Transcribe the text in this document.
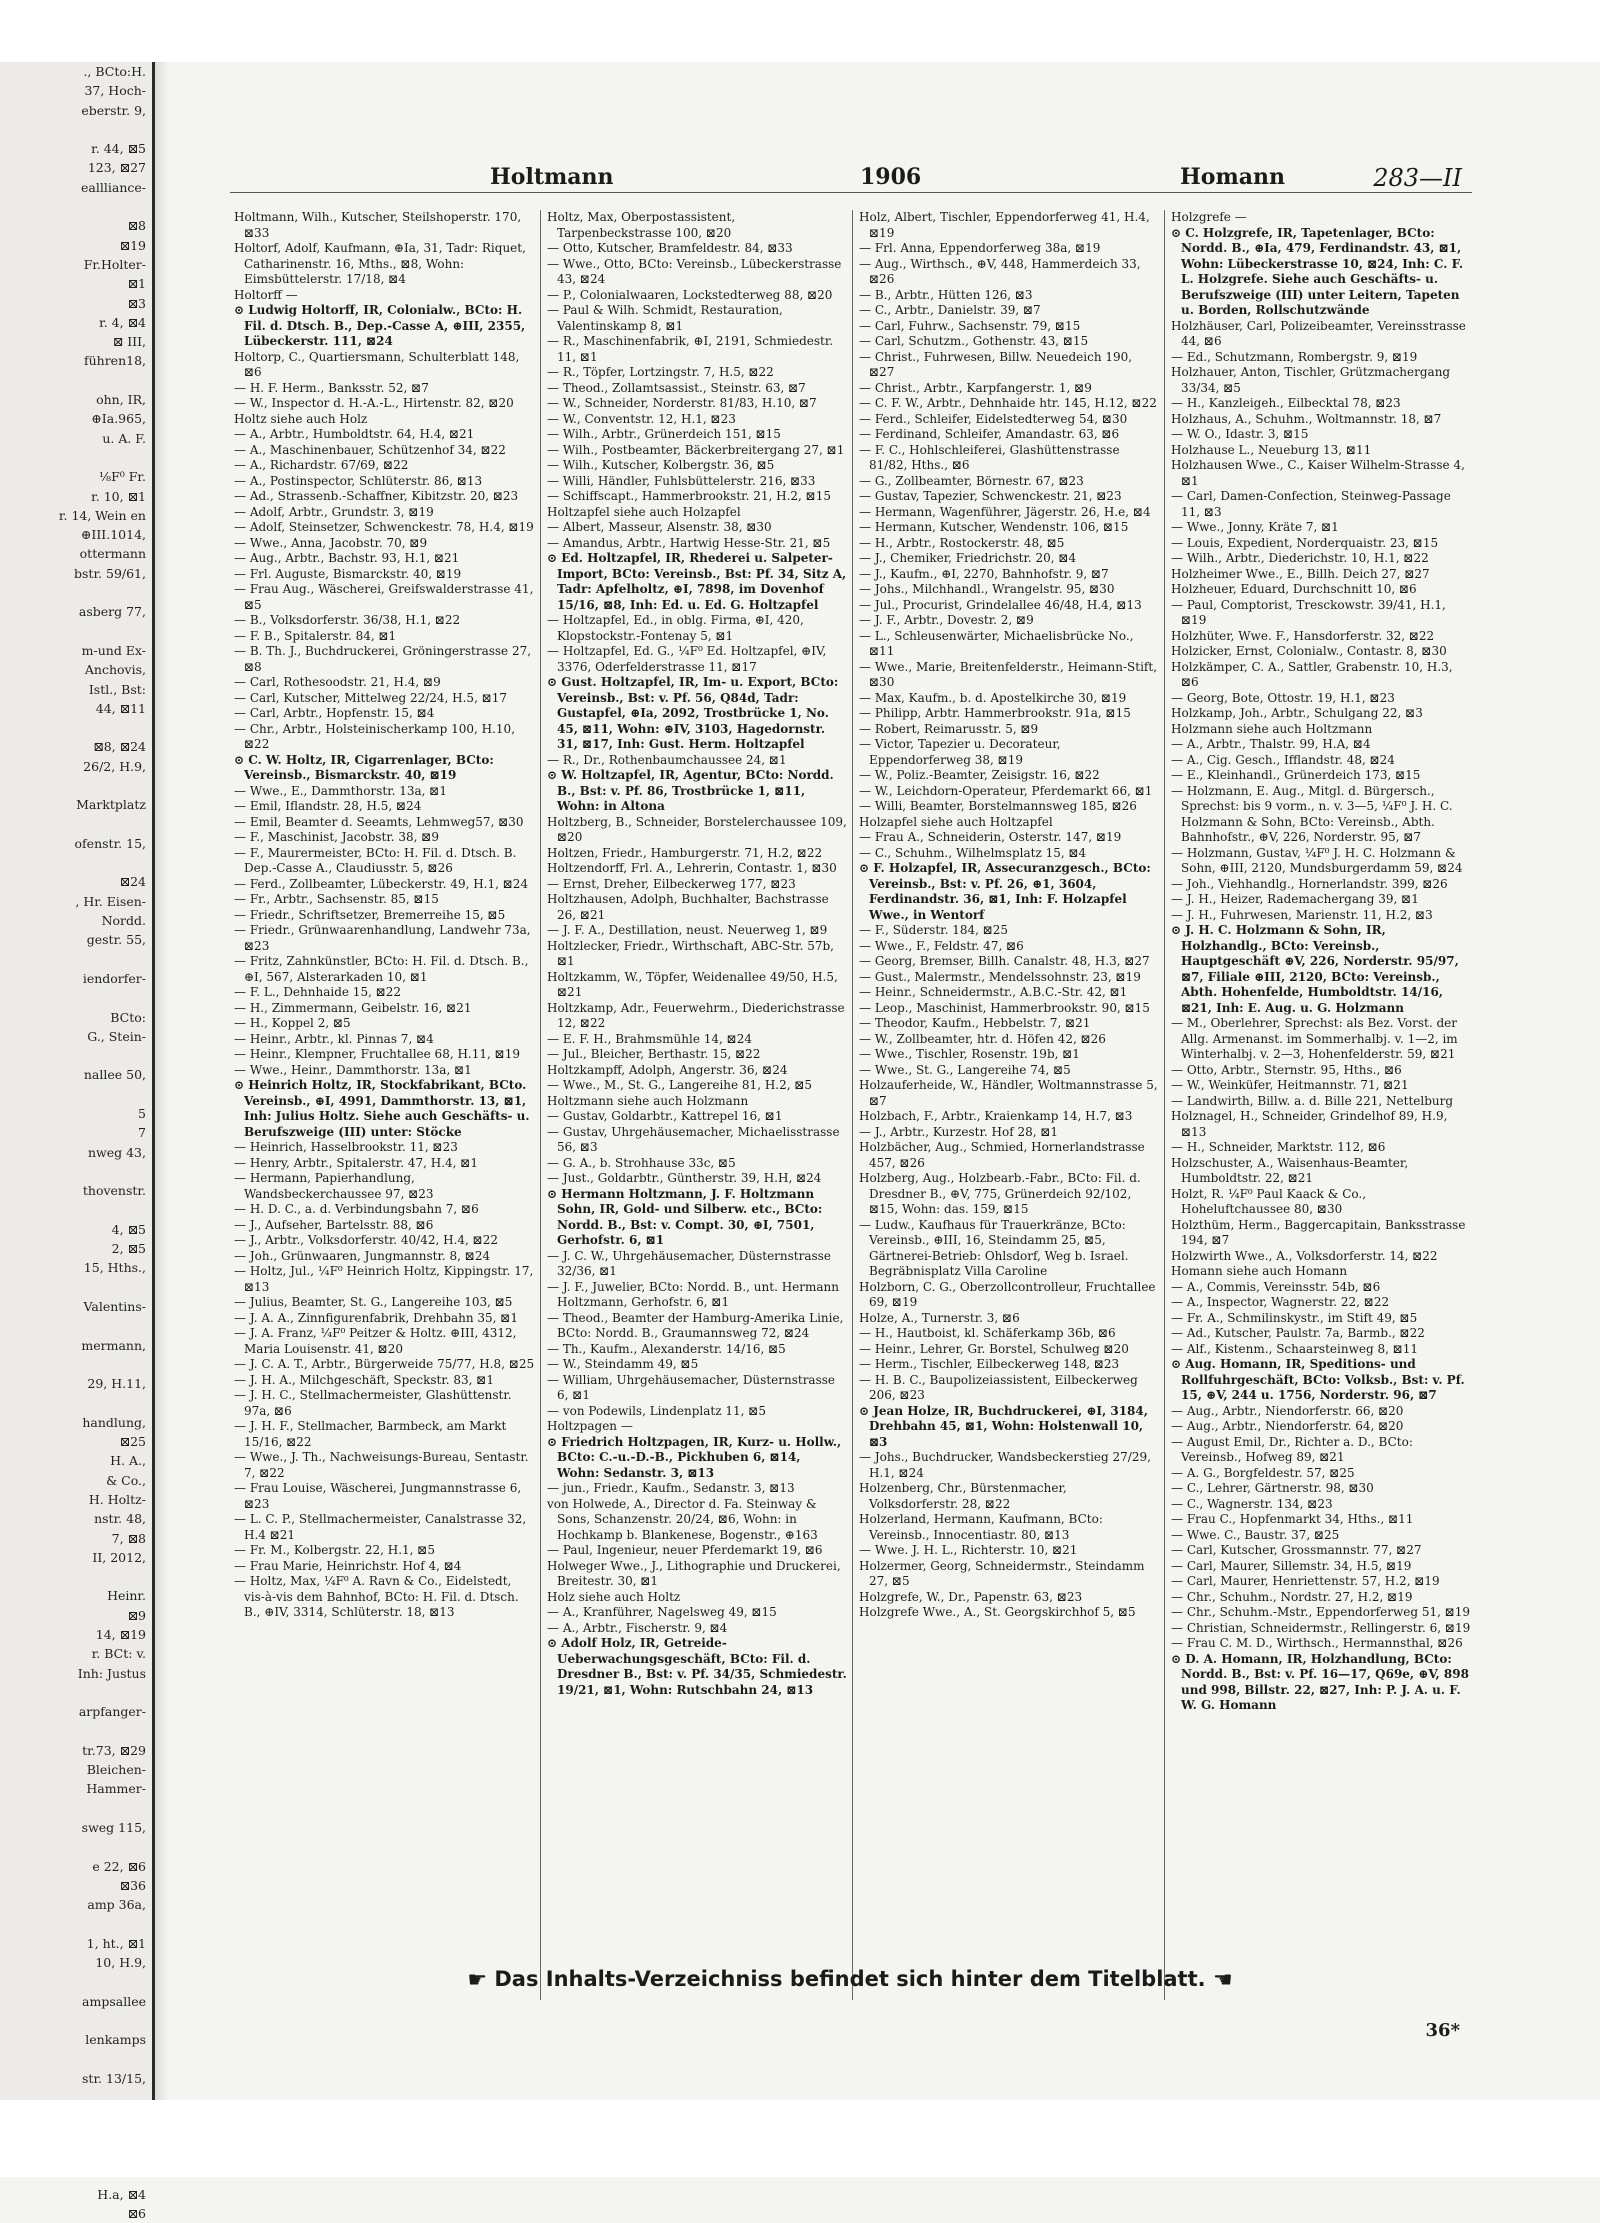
., BCto:H.
37, Hoch-
eberstr. 9,

r. 44, ⊠5
123, ⊠27
eallliance-

⊠8
⊠19
Fr.Holter-
⊠1
⊠3
r. 4, ⊠4
⊠ III,
führen18,

ohn, IR,
⊕Ia.965,
u. A. F.

⅛F⁰ Fr.
r. 10, ⊠1
r. 14, Wein en
⊕III.1014,
ottermann
bstr. 59/61,

asberg 77,

m-und Ex-
Anchovis,
Istl., Bst:
44, ⊠11

⊠8, ⊠24
26/2, H.9,

Marktplatz

ofenstr. 15,

⊠24
, Hr. Eisen-
Nordd.
gestr. 55,

iendorfer-

BCto:
G., Stein-

nallee 50,

5
7
nweg 43,

thovenstr.

4, ⊠5
2, ⊠5
15, Hths.,

Valentins-

mermann,

29, H.11,

handlung,
⊠25
H. A.,
& Co.,
H. Holtz-
nstr. 48,
7, ⊠8
II, 2012,

Heinr.
⊠9
14, ⊠19
r. BCt: v.
Inh: Justus

arpfanger-

tr.73, ⊠29
Bleichen-
Hammer-

sweg 115,

e 22, ⊠6
⊠36
amp 36a,

1, ht., ⊠1
10, H.9,

ampsallee

lenkamps

str. 13/15,

H.a, ⊠4
⊠6
Holtmann	1906	Homann	283—II

Holtmann, Wilh., Kutscher, Steilshoperstr. 170, ⊠33

Holtorf, Adolf, Kaufmann, ⊕Ia, 31, Tadr: Riquet, Catharinenstr. 16, Mths., ⊠8, Wohn: Eimsbüttelerstr. 17/18, ⊠4

Holtorff —

⊙ Ludwig Holtorff, IR, Colonialw., BCto: H. Fil. d. Dtsch. B., Dep.-Casse A, ⊕III, 2355, Lübeckerstr. 111, ⊠24

Holtorp, C., Quartiersmann, Schulterblatt 148, ⊠6

— H. F. Herm., Banksstr. 52, ⊠7

— W., Inspector d. H.-A.-L., Hirtenstr. 82, ⊠20

Holtz siehe auch Holz

— A., Arbtr., Humboldtstr. 64, H.4, ⊠21

— A., Maschinenbauer, Schützenhof 34, ⊠22

— A., Richardstr. 67/69, ⊠22

— A., Postinspector, Schlüterstr. 86, ⊠13

— Ad., Strassenb.-Schaffner, Kibitzstr. 20, ⊠23

— Adolf, Arbtr., Grundstr. 3, ⊠19

— Adolf, Steinsetzer, Schwenckestr. 78, H.4, ⊠19

— Wwe., Anna, Jacobstr. 70, ⊠9

— Aug., Arbtr., Bachstr. 93, H.1, ⊠21

— Frl. Auguste, Bismarckstr. 40, ⊠19

— Frau Aug., Wäscherei, Greifswalderstrasse 41, ⊠5

— B., Volksdorferstr. 36/38, H.1, ⊠22

— F. B., Spitalerstr. 84, ⊠1

— B. Th. J., Buchdruckerei, Gröningerstrasse 27, ⊠8

— Carl, Rothesoodstr. 21, H.4, ⊠9

— Carl, Kutscher, Mittelweg 22/24, H.5, ⊠17

— Carl, Arbtr., Hopfenstr. 15, ⊠4

— Chr., Arbtr., Holsteinischerkamp 100, H.10, ⊠22

⊙ C. W. Holtz, IR, Cigarrenlager, BCto: Vereinsb., Bismarckstr. 40, ⊠19

— Wwe., E., Dammthorstr. 13a, ⊠1

— Emil, Iflandstr. 28, H.5, ⊠24

— Emil, Beamter d. Seeamts, Lehmweg57, ⊠30

— F., Maschinist, Jacobstr. 38, ⊠9

— F., Maurermeister, BCto: H. Fil. d. Dtsch. B. Dep.-Casse A., Claudiusstr. 5, ⊠26

— Ferd., Zollbeamter, Lübeckerstr. 49, H.1, ⊠24

— Fr., Arbtr., Sachsenstr. 85, ⊠15

— Friedr., Schriftsetzer, Bremerreihe 15, ⊠5

— Friedr., Grünwaarenhandlung, Landwehr 73a, ⊠23

— Fritz, Zahnkünstler, BCto: H. Fil. d. Dtsch. B., ⊕I, 567, Alsterarkaden 10, ⊠1

— F. L., Dehnhaide 15, ⊠22

— H., Zimmermann, Geibelstr. 16, ⊠21

— H., Koppel 2, ⊠5

— Heinr., Arbtr., kl. Pinnas 7, ⊠4

— Heinr., Klempner, Fruchtallee 68, H.11, ⊠19

— Wwe., Heinr., Dammthorstr. 13a, ⊠1

⊙ Heinrich Holtz, IR, Stockfabrikant, BCto. Vereinsb., ⊕I, 4991, Dammthorstr. 13, ⊠1, Inh: Julius Holtz. Siehe auch Geschäfts- u. Berufszweige (III) unter: Stöcke

— Heinrich, Hasselbrookstr. 11, ⊠23

— Henry, Arbtr., Spitalerstr. 47, H.4, ⊠1

— Hermann, Papierhandlung, Wandsbeckerchaussee 97, ⊠23

— H. D. C., a. d. Verbindungsbahn 7, ⊠6

— J., Aufseher, Bartelsstr. 88, ⊠6

— J., Arbtr., Volksdorferstr. 40/42, H.4, ⊠22

— Joh., Grünwaaren, Jungmannstr. 8, ⊠24

— Holtz, Jul., ¼F⁰ Heinrich Holtz, Kippingstr. 17, ⊠13

— Julius, Beamter, St. G., Langereihe 103, ⊠5

— J. A. A., Zinnfigurenfabrik, Drehbahn 35, ⊠1

— J. A. Franz, ¼F⁰ Peitzer & Holtz. ⊕III, 4312, Maria Louisenstr. 41, ⊠20

— J. C. A. T., Arbtr., Bürgerweide 75/77, H.8, ⊠25

— J. H. A., Milchgeschäft, Speckstr. 83, ⊠1

— J. H. C., Stellmachermeister, Glashüttenstr. 97a, ⊠6

— J. H. F., Stellmacher, Barmbeck, am Markt 15/16, ⊠22

— Wwe., J. Th., Nachweisungs-Bureau, Sentastr. 7, ⊠22

— Frau Louise, Wäscherei, Jungmannstrasse 6, ⊠23

— L. C. P., Stellmachermeister, Canalstrasse 32, H.4 ⊠21

— Fr. M., Kolbergstr. 22, H.1, ⊠5

— Frau Marie, Heinrichstr. Hof 4, ⊠4

— Holtz, Max, ¼F⁰ A. Ravn & Co., Eidelstedt, vis-à-vis dem Bahnhof, BCto: H. Fil. d. Dtsch. B., ⊕IV, 3314, Schlüterstr. 18, ⊠13

Holtz, Max, Oberpostassistent, Tarpenbeckstrasse 100, ⊠20

— Otto, Kutscher, Bramfeldestr. 84, ⊠33

— Wwe., Otto, BCto: Vereinsb., Lübeckerstrasse 43, ⊠24

— P., Colonialwaaren, Lockstedterweg 88, ⊠20

— Paul & Wilh. Schmidt, Restauration, Valentinskamp 8, ⊠1

— R., Maschinenfabrik, ⊕I, 2191, Schmiedestr. 11, ⊠1

— R., Töpfer, Lortzingstr. 7, H.5, ⊠22

— Theod., Zollamtsassist., Steinstr. 63, ⊠7

— W., Schneider, Norderstr. 81/83, H.10, ⊠7

— W., Conventstr. 12, H.1, ⊠23

— Wilh., Arbtr., Grünerdeich 151, ⊠15

— Wilh., Postbeamter, Bäckerbreitergang 27, ⊠1

— Wilh., Kutscher, Kolbergstr. 36, ⊠5

— Willi, Händler, Fuhlsbüttelerstr. 216, ⊠33

— Schiffscapt., Hammerbrookstr. 21, H.2, ⊠15

Holtzapfel siehe auch Holzapfel

— Albert, Masseur, Alsenstr. 38, ⊠30

— Amandus, Arbtr., Hartwig Hesse-Str. 21, ⊠5

⊙ Ed. Holtzapfel, IR, Rhederei u. Salpeter-Import, BCto: Vereinsb., Bst: Pf. 34, Sitz A, Tadr: Apfelholtz, ⊕I, 7898, im Dovenhof 15/16, ⊠8, Inh: Ed. u. Ed. G. Holtzapfel

— Holtzapfel, Ed., in oblg. Firma, ⊕I, 420, Klopstockstr.-Fontenay 5, ⊠1

— Holtzapfel, Ed. G., ¼F⁰ Ed. Holtzapfel, ⊕IV, 3376, Oderfelderstrasse 11, ⊠17

⊙ Gust. Holtzapfel, IR, Im- u. Export, BCto: Vereinsb., Bst: v. Pf. 56, Q84d, Tadr: Gustapfel, ⊕Ia, 2092, Trostbrücke 1, No. 45, ⊠11, Wohn: ⊕IV, 3103, Hagedornstr. 31, ⊠17, Inh: Gust. Herm. Holtzapfel

— R., Dr., Rothenbaumchaussee 24, ⊠1

⊙ W. Holtzapfel, IR, Agentur, BCto: Nordd. B., Bst: v. Pf. 86, Trostbrücke 1, ⊠11, Wohn: in Altona

Holtzberg, B., Schneider, Borstelerchaussee 109, ⊠20

Holtzen, Friedr., Hamburgerstr. 71, H.2, ⊠22

Holtzendorff, Frl. A., Lehrerin, Contastr. 1, ⊠30

— Ernst, Dreher, Eilbeckerweg 177, ⊠23

Holtzhausen, Adolph, Buchhalter, Bachstrasse 26, ⊠21

— J. F. A., Destillation, neust. Neuerweg 1, ⊠9

Holtzlecker, Friedr., Wirthschaft, ABC-Str. 57b, ⊠1

Holtzkamm, W., Töpfer, Weidenallee 49/50, H.5, ⊠21

Holtzkamp, Adr., Feuerwehrm., Diederichstrasse 12, ⊠22

— E. F. H., Brahmsmühle 14, ⊠24

— Jul., Bleicher, Berthastr. 15, ⊠22

Holtzkampff, Adolph, Angerstr. 36, ⊠24

— Wwe., M., St. G., Langereihe 81, H.2, ⊠5

Holtzmann siehe auch Holzmann

— Gustav, Goldarbtr., Kattrepel 16, ⊠1

— Gustav, Uhrgehäusemacher, Michaelisstrasse 56, ⊠3

— G. A., b. Strohhause 33c, ⊠5

— Just., Goldarbtr., Güntherstr. 39, H.H, ⊠24

⊙ Hermann Holtzmann, J. F. Holtzmann Sohn, IR, Gold- und Silberw. etc., BCto: Nordd. B., Bst: v. Compt. 30, ⊕I, 7501, Gerhofstr. 6, ⊠1

— J. C. W., Uhrgehäusemacher, Düsternstrasse 32/36, ⊠1

— J. F., Juwelier, BCto: Nordd. B., unt. Hermann Holtzmann, Gerhofstr. 6, ⊠1

— Theod., Beamter der Hamburg-Amerika Linie, BCto: Nordd. B., Graumannsweg 72, ⊠24

— Th., Kaufm., Alexanderstr. 14/16, ⊠5

— W., Steindamm 49, ⊠5

— William, Uhrgehäusemacher, Düsternstrasse 6, ⊠1

— von Podewils, Lindenplatz 11, ⊠5

Holtzpagen —

⊙ Friedrich Holtzpagen, IR, Kurz- u. Hollw., BCto: C.-u.-D.-B., Pickhuben 6, ⊠14, Wohn: Sedanstr. 3, ⊠13

— jun., Friedr., Kaufm., Sedanstr. 3, ⊠13

von Holwede, A., Director d. Fa. Steinway & Sons, Schanzenstr. 20/24, ⊠6, Wohn: in Hochkamp b. Blankenese, Bogenstr., ⊕163

— Paul, Ingenieur, neuer Pferdemarkt 19, ⊠6

Holweger Wwe., J., Lithographie und Druckerei, Breitestr. 30, ⊠1

Holz siehe auch Holtz

— A., Kranführer, Nagelsweg 49, ⊠15

— A., Arbtr., Fischerstr. 9, ⊠4

⊙ Adolf Holz, IR, Getreide-Ueberwachungsgeschäft, BCto: Fil. d. Dresdner B., Bst: v. Pf. 34/35, Schmiedestr. 19/21, ⊠1, Wohn: Rutschbahn 24, ⊠13

Holz, Albert, Tischler, Eppendorferweg 41, H.4, ⊠19

— Frl. Anna, Eppendorferweg 38a, ⊠19

— Aug., Wirthsch., ⊕V, 448, Hammerdeich 33, ⊠26

— B., Arbtr., Hütten 126, ⊠3

— C., Arbtr., Danielstr. 39, ⊠7

— Carl, Fuhrw., Sachsenstr. 79, ⊠15

— Carl, Schutzm., Gothenstr. 43, ⊠15

— Christ., Fuhrwesen, Billw. Neuedeich 190, ⊠27

— Christ., Arbtr., Karpfangerstr. 1, ⊠9

— C. F. W., Arbtr., Dehnhaide htr. 145, H.12, ⊠22

— Ferd., Schleifer, Eidelstedterweg 54, ⊠30

— Ferdinand, Schleifer, Amandastr. 63, ⊠6

— F. C., Hohlschleiferei, Glashüttenstrasse 81/82, Hths., ⊠6

— G., Zollbeamter, Börnestr. 67, ⊠23

— Gustav, Tapezier, Schwenckestr. 21, ⊠23

— Hermann, Wagenführer, Jägerstr. 26, H.e, ⊠4

— Hermann, Kutscher, Wendenstr. 106, ⊠15

— H., Arbtr., Rostockerstr. 48, ⊠5

— J., Chemiker, Friedrichstr. 20, ⊠4

— J., Kaufm., ⊕I, 2270, Bahnhofstr. 9, ⊠7

— Johs., Milchhandl., Wrangelstr. 95, ⊠30

— Jul., Procurist, Grindelallee 46/48, H.4, ⊠13

— J. F., Arbtr., Dovestr. 2, ⊠9

— L., Schleusenwärter, Michaelisbrücke No., ⊠11

— Wwe., Marie, Breitenfelderstr., Heimann-Stift, ⊠30

— Max, Kaufm., b. d. Apostelkirche 30, ⊠19

— Philipp, Arbtr. Hammerbrookstr. 91a, ⊠15

— Robert, Reimarusstr. 5, ⊠9

— Victor, Tapezier u. Decorateur, Eppendorferweg 38, ⊠19

— W., Poliz.-Beamter, Zeisigstr. 16, ⊠22

— W., Leichdorn-Operateur, Pferdemarkt 66, ⊠1

— Willi, Beamter, Borstelmannsweg 185, ⊠26

Holzapfel siehe auch Holtzapfel

— Frau A., Schneiderin, Osterstr. 147, ⊠19

— C., Schuhm., Wilhelmsplatz 15, ⊠4

⊙ F. Holzapfel, IR, Assecuranzgesch., BCto: Vereinsb., Bst: v. Pf. 26, ⊕1, 3604, Ferdinandstr. 36, ⊠1, Inh: F. Holzapfel Wwe., in Wentorf

— F., Süderstr. 184, ⊠25

— Wwe., F., Feldstr. 47, ⊠6

— Georg, Bremser, Billh. Canalstr. 48, H.3, ⊠27

— Gust., Malermstr., Mendelssohnstr. 23, ⊠19

— Heinr., Schneidermstr., A.B.C.-Str. 42, ⊠1

— Leop., Maschinist, Hammerbrookstr. 90, ⊠15

— Theodor, Kaufm., Hebbelstr. 7, ⊠21

— W., Zollbeamter, htr. d. Höfen 42, ⊠26

— Wwe., Tischler, Rosenstr. 19b, ⊠1

— Wwe., St. G., Langereihe 74, ⊠5

Holzauferheide, W., Händler, Woltmannstrasse 5, ⊠7

Holzbach, F., Arbtr., Kraienkamp 14, H.7, ⊠3

— J., Arbtr., Kurzestr. Hof 28, ⊠1

Holzbächer, Aug., Schmied, Hornerlandstrasse 457, ⊠26

Holzberg, Aug., Holzbearb.-Fabr., BCto: Fil. d. Dresdner B., ⊕V, 775, Grünerdeich 92/102, ⊠15, Wohn: das. 159, ⊠15

— Ludw., Kaufhaus für Trauerkränze, BCto: Vereinsb., ⊕III, 16, Steindamm 25, ⊠5, Gärtnerei-Betrieb: Ohlsdorf, Weg b. Israel. Begräbnisplatz Villa Caroline

Holzborn, C. G., Oberzollcontrolleur, Fruchtallee 69, ⊠19

Holze, A., Turnerstr. 3, ⊠6

— H., Hautboist, kl. Schäferkamp 36b, ⊠6

— Heinr., Lehrer, Gr. Borstel, Schulweg ⊠20

— Herm., Tischler, Eilbeckerweg 148, ⊠23

— H. B. C., Baupolizeiassistent, Eilbeckerweg 206, ⊠23

⊙ Jean Holze, IR, Buchdruckerei, ⊕I, 3184, Drehbahn 45, ⊠1, Wohn: Holstenwall 10, ⊠3

— Johs., Buchdrucker, Wandsbeckerstieg 27/29, H.1, ⊠24

Holzenberg, Chr., Bürstenmacher, Volksdorferstr. 28, ⊠22

Holzerland, Hermann, Kaufmann, BCto: Vereinsb., Innocentiastr. 80, ⊠13

— Wwe. J. H. L., Richterstr. 10, ⊠21

Holzermer, Georg, Schneidermstr., Steindamm 27, ⊠5

Holzgrefe, W., Dr., Papenstr. 63, ⊠23

Holzgrefe Wwe., A., St. Georgskirchhof 5, ⊠5

Holzgrefe —

⊙ C. Holzgrefe, IR, Tapetenlager, BCto: Nordd. B., ⊕Ia, 479, Ferdinandstr. 43, ⊠1, Wohn: Lübeckerstrasse 10, ⊠24, Inh: C. F. L. Holzgrefe. Siehe auch Geschäfts- u. Berufszweige (III) unter Leitern, Tapeten u. Borden, Rollschutzwände

Holzhäuser, Carl, Polizeibeamter, Vereinsstrasse 44, ⊠6

— Ed., Schutzmann, Rombergstr. 9, ⊠19

Holzhauer, Anton, Tischler, Grützmachergang 33/34, ⊠5

— H., Kanzleigeh., Eilbecktal 78, ⊠23

Holzhaus, A., Schuhm., Woltmannstr. 18, ⊠7

— W. O., Idastr. 3, ⊠15

Holzhause L., Neueburg 13, ⊠11

Holzhausen Wwe., C., Kaiser Wilhelm-Strasse 4, ⊠1

— Carl, Damen-Confection, Steinweg-Passage 11, ⊠3

— Wwe., Jonny, Kräte 7, ⊠1

— Louis, Expedient, Norderquaistr. 23, ⊠15

— Wilh., Arbtr., Diederichstr. 10, H.1, ⊠22

Holzheimer Wwe., E., Billh. Deich 27, ⊠27

Holzheuer, Eduard, Durchschnitt 10, ⊠6

— Paul, Comptorist, Tresckowstr. 39/41, H.1, ⊠19

Holzhüter, Wwe. F., Hansdorferstr. 32, ⊠22

Holzicker, Ernst, Colonialw., Contastr. 8, ⊠30

Holzkämper, C. A., Sattler, Grabenstr. 10, H.3, ⊠6

— Georg, Bote, Ottostr. 19, H.1, ⊠23

Holzkamp, Joh., Arbtr., Schulgang 22, ⊠3

Holzmann siehe auch Holtzmann

— A., Arbtr., Thalstr. 99, H.A, ⊠4

— A., Cig. Gesch., Ifflandstr. 48, ⊠24

— E., Kleinhandl., Grünerdeich 173, ⊠15

— Holzmann, E. Aug., Mitgl. d. Bürgersch., Sprechst: bis 9 vorm., n. v. 3—5, ¼F⁰ J. H. C. Holzmann & Sohn, BCto: Vereinsb., Abth. Bahnhofstr., ⊕V, 226, Norderstr. 95, ⊠7

— Holzmann, Gustav, ¼F⁰ J. H. C. Holzmann & Sohn, ⊕III, 2120, Mundsburgerdamm 59, ⊠24

— Joh., Viehhandlg., Hornerlandstr. 399, ⊠26

— J. H., Heizer, Rademachergang 39, ⊠1

— J. H., Fuhrwesen, Marienstr. 11, H.2, ⊠3

⊙ J. H. C. Holzmann & Sohn, IR, Holzhandlg., BCto: Vereinsb., Hauptgeschäft ⊕V, 226, Norderstr. 95/97, ⊠7, Filiale ⊕III, 2120, BCto: Vereinsb., Abth. Hohenfelde, Humboldtstr. 14/16, ⊠21, Inh: E. Aug. u. G. Holzmann

— M., Oberlehrer, Sprechst: als Bez. Vorst. der Allg. Armenanst. im Sommerhalbj. v. 1—2, im Winterhalbj. v. 2—3, Hohenfelderstr. 59, ⊠21

— Otto, Arbtr., Sternstr. 95, Hths., ⊠6

— W., Weinküfer, Heitmannstr. 71, ⊠21

— Landwirth, Billw. a. d. Bille 221, Nettelburg

Holznagel, H., Schneider, Grindelhof 89, H.9, ⊠13

— H., Schneider, Marktstr. 112, ⊠6

Holzschuster, A., Waisenhaus-Beamter, Humboldtstr. 22, ⊠21

Holzt, R. ¼F⁰ Paul Kaack & Co., Hoheluftchaussee 80, ⊠30

Holzthüm, Herm., Baggercapitain, Banksstrasse 194, ⊠7

Holzwirth Wwe., A., Volksdorferstr. 14, ⊠22

Homann siehe auch Homann

— A., Commis, Vereinsstr. 54b, ⊠6

— A., Inspector, Wagnerstr. 22, ⊠22

— Fr. A., Schmilinskystr., im Stift 49, ⊠5

— Ad., Kutscher, Paulstr. 7a, Barmb., ⊠22

— Alf., Kistenm., Schaarsteinweg 8, ⊠11

⊙ Aug. Homann, IR, Speditions- und Rollfuhrgeschäft, BCto: Volksb., Bst: v. Pf. 15, ⊕V, 244 u. 1756, Norderstr. 96, ⊠7

— Aug., Arbtr., Niendorferstr. 66, ⊠20

— Aug., Arbtr., Niendorferstr. 64, ⊠20

— August Emil, Dr., Richter a. D., BCto: Vereinsb., Hofweg 89, ⊠21

— A. G., Borgfeldestr. 57, ⊠25

— C., Lehrer, Gärtnerstr. 98, ⊠30

— C., Wagnerstr. 134, ⊠23

— Frau C., Hopfenmarkt 34, Hths., ⊠11

— Wwe. C., Baustr. 37, ⊠25

— Carl, Kutscher, Grossmannstr. 77, ⊠27

— Carl, Maurer, Sillemstr. 34, H.5, ⊠19

— Carl, Maurer, Henriettenstr. 57, H.2, ⊠19

— Chr., Schuhm., Nordstr. 27, H.2, ⊠19

— Chr., Schuhm.-Mstr., Eppendorferweg 51, ⊠19

— Christian, Schneidermstr., Rellingerstr. 6, ⊠19

— Frau C. M. D., Wirthsch., Hermannsthal, ⊠26

⊙ D. A. Homann, IR, Holzhandlung, BCto: Nordd. B., Bst: v. Pf. 16—17, Q69e, ⊕V, 898 und 998, Billstr. 22, ⊠27, Inh: P. J. A. u. F. W. G. Homann

☛ Das Inhalts-Verzeichniss befindet sich hinter dem Titelblatt. ☚
36*
